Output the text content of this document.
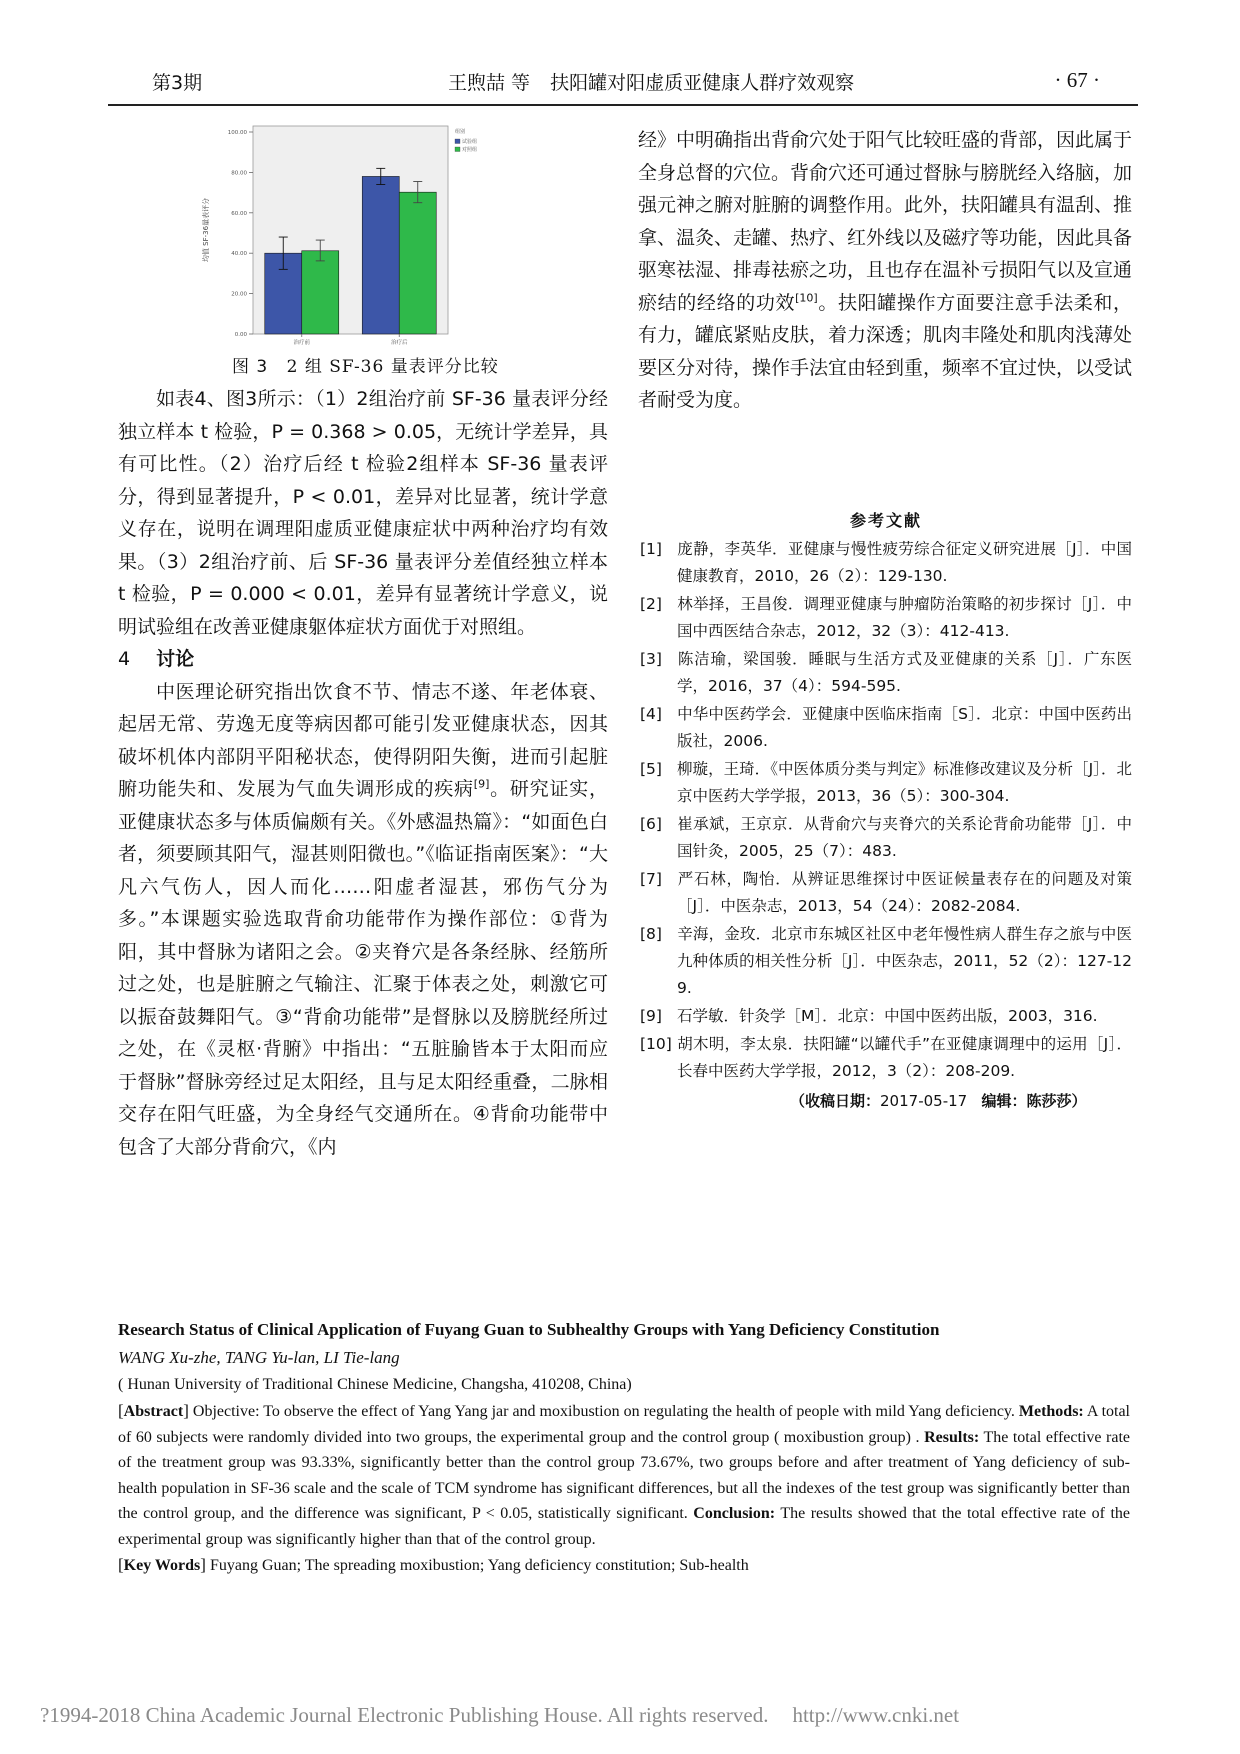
第3期	王煦喆 等 扶阳罐对阳虚质亚健康人群疗效观察	· 67 ·
均值 SF-36量表评分
0.00
20.00
40.00
60.00
80.00
100.00
治疗前	治疗后
组别
试验组
对照组
图 3 2 组 SF-36 量表评分比较

如表4、图3所示：（1）2组治疗前 SF-36 量表评分经独立样本 t 检验，P = 0.368 > 0.05，无统计学差异，具有可比性。（2）治疗后经 t 检验2组样本 SF-36 量表评分，得到显著提升，P < 0.01，差异对比显著，统计学意义存在，说明在调理阳虚质亚健康症状中两种治疗均有效果。（3）2组治疗前、后 SF-36 量表评分差值经独立样本 t 检验，P = 0.000 < 0.01，差异有显著统计学意义，说明试验组在改善亚健康躯体症状方面优于对照组。

4 讨论

中医理论研究指出饮食不节、情志不遂、年老体衰、起居无常、劳逸无度等病因都可能引发亚健康状态，因其破坏机体内部阴平阳秘状态，使得阴阳失衡，进而引起脏腑功能失和、发展为气血失调形成的疾病[9]。研究证实，亚健康状态多与体质偏颇有关。《外感温热篇》：“如面色白者，须要顾其阳气，湿甚则阳微也。”《临证指南医案》：“大凡六气伤人，因人而化……阳虚者湿甚，邪伤气分为多。”本课题实验选取背俞功能带作为操作部位：①背为阳，其中督脉为诸阳之会。②夹脊穴是各条经脉、经筋所过之处，也是脏腑之气输注、汇聚于体表之处，刺激它可以振奋鼓舞阳气。③“背俞功能带”是督脉以及膀胱经所过之处，在《灵枢·背腑》中指出：“五脏腧皆本于太阳而应于督脉”督脉旁经过足太阳经，且与足太阳经重叠，二脉相交存在阳气旺盛，为全身经气交通所在。④背俞功能带中包含了大部分背俞穴，《内

经》中明确指出背俞穴处于阳气比较旺盛的背部，因此属于全身总督的穴位。背俞穴还可通过督脉与膀胱经入络脑，加强元神之腑对脏腑的调整作用。此外，扶阳罐具有温刮、推拿、温灸、走罐、热疗、红外线以及磁疗等功能，因此具备驱寒祛湿、排毒祛瘀之功，且也存在温补亏损阳气以及宣通瘀结的经络的功效[10]。扶阳罐操作方面要注意手法柔和，有力，罐底紧贴皮肤，着力深透；肌肉丰隆处和肌肉浅薄处要区分对待，操作手法宜由轻到重，频率不宜过快，以受试者耐受为度。

参考文献

[1] 庞静，李英华．亚健康与慢性疲劳综合征定义研究进展［J］．中国健康教育，2010，26（2）：129-130.

[2] 林举择，王昌俊．调理亚健康与肿瘤防治策略的初步探讨［J］．中国中西医结合杂志，2012，32（3）：412-413.

[3] 陈洁瑜，梁国骏．睡眠与生活方式及亚健康的关系［J］．广东医学，2016，37（4）：594-595.

[4] 中华中医药学会．亚健康中医临床指南［S］．北京：中国中医药出版社，2006.

[5] 柳璇，王琦．《中医体质分类与判定》标准修改建议及分析［J］．北京中医药大学学报，2013，36（5）：300-304.

[6] 崔承斌，王京京．从背俞穴与夹脊穴的关系论背俞功能带［J］．中国针灸，2005，25（7）：483.

[7] 严石林，陶怡．从辨证思维探讨中医证候量表存在的问题及对策［J］．中医杂志，2013，54（24）：2082-2084.

[8] 辛海，金玫．北京市东城区社区中老年慢性病人群生存之旅与中医九种体质的相关性分析［J］．中医杂志，2011，52（2）：127-129.

[9] 石学敏．针灸学［M］．北京：中国中医药出版，2003，316.

[10] 胡木明，李太泉．扶阳罐“以罐代手”在亚健康调理中的运用［J］．长春中医药大学学报，2012，3（2）：208-209.

（收稿日期：2017-05-17 编辑：陈莎莎）
Research Status of Clinical Application of Fuyang Guan to Subhealthy Groups with Yang Deficiency Constitution
WANG Xu-zhe, TANG Yu-lan, LI Tie-lang
( Hunan University of Traditional Chinese Medicine, Changsha, 410208, China)
[Abstract] Objective: To observe the effect of Yang Yang jar and moxibustion on regulating the health of people with mild Yang deficiency. Methods: A total of 60 subjects were randomly divided into two groups, the experimental group and the control group ( moxibustion group) . Results: The total effective rate of the treatment group was 93.33%, significantly better than the control group 73.67%, two groups before and after treatment of Yang deficiency of sub-health population in SF-36 scale and the scale of TCM syndrome has significant differences, but all the indexes of the test group was significantly better than the control group, and the difference was significant, P < 0.05, statistically significant. Conclusion: The results showed that the total effective rate of the experimental group was significantly higher than that of the control group.
[Key Words] Fuyang Guan; The spreading moxibustion; Yang deficiency constitution; Sub-health
?1994-2018 China Academic Journal Electronic Publishing House. All rights reserved. http://www.cnki.net
